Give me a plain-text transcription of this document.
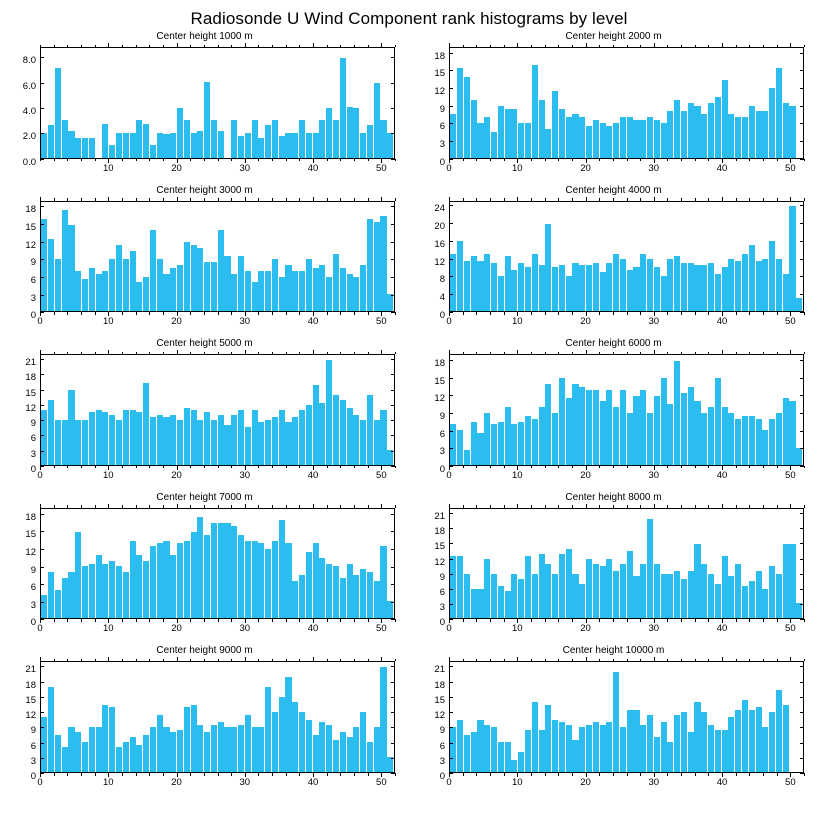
Radiosonde U Wind Component rank histograms by level
Center height 1000 m
0.0
2.0
4.0
6.0
8.0
10	20	30	40	50
Center height 2000 m
0
3
6
9
12
15
18
0	10	20	30	40	50
Center height 3000 m
0
3
6
9
12
15
18
0	10	20	30	40	50
Center height 4000 m
0
4
8
12
16
20
24
0	10	20	30	40	50
Center height 5000 m
0
3
6
9
12
15
18
21
0	10	20	30	40	50
Center height 6000 m
0
3
6
9
12
15
18
0	10	20	30	40	50
Center height 7000 m
0
3
6
9
12
15
18
0	10	20	30	40	50
Center height 8000 m
0
3
6
9
12
15
18
21
0	10	20	30	40	50
Center height 9000 m
0
3
6
9
12
15
18
21
0	10	20	30	40	50
Center height 10000 m
0
3
6
9
12
15
18
21
0	10	20	30	40	50
